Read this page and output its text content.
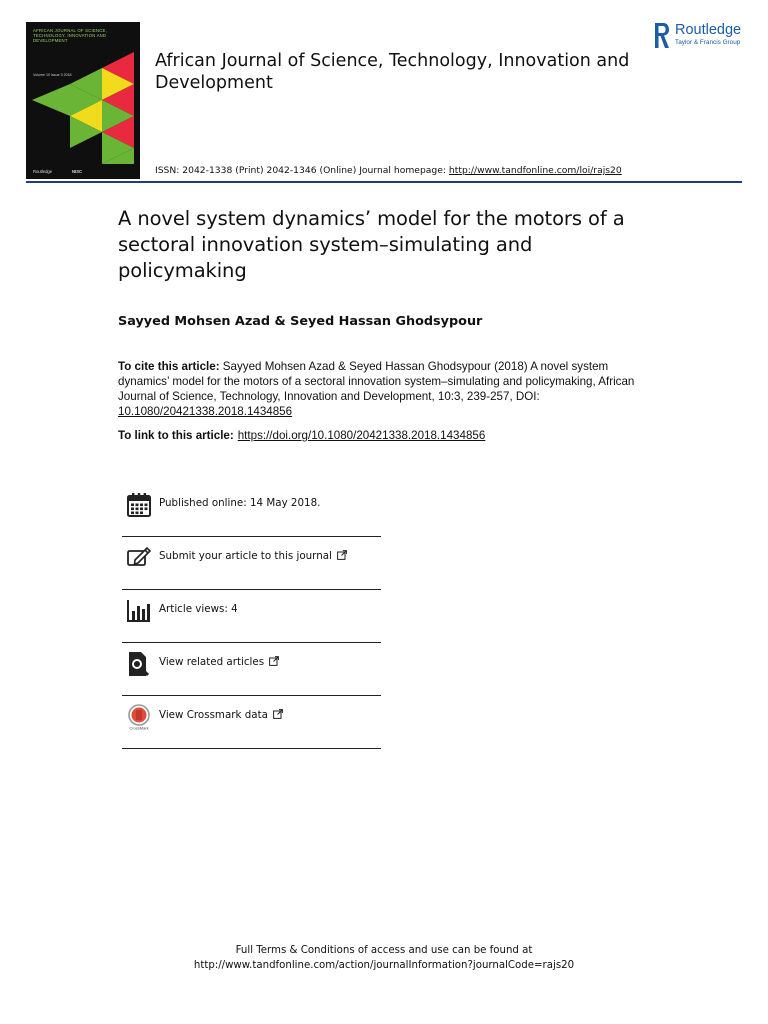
AFRICAN JOURNAL OF SCIENCE, TECHNOLOGY, INNOVATION AND DEVELOPMENT
Volume 10 Issue 3 2018
Routledge	NISC
African Journal of Science, Technology, Innovation and Development
ISSN: 2042-1338 (Print) 2042-1346 (Online) Journal homepage: http://www.tandfonline.com/loi/rajs20
Routledge
Taylor & Francis Group
A novel system dynamics’ model for the motors of a sectoral innovation system–simulating and policymaking
Sayyed Mohsen Azad & Seyed Hassan Ghodsypour
To cite this article: Sayyed Mohsen Azad & Seyed Hassan Ghodsypour (2018) A novel system dynamics’ model for the motors of a sectoral innovation system–simulating and policymaking, African Journal of Science, Technology, Innovation and Development, 10:3, 239-257, DOI: 10.1080/20421338.2018.1434856
To link to this article: https://doi.org/10.1080/20421338.2018.1434856
Published online: 14 May 2018.
Submit your article to this journal
Article views: 4
View related articles
CrossMark
View Crossmark data
Full Terms & Conditions of access and use can be found at
http://www.tandfonline.com/action/journalInformation?journalCode=rajs20
